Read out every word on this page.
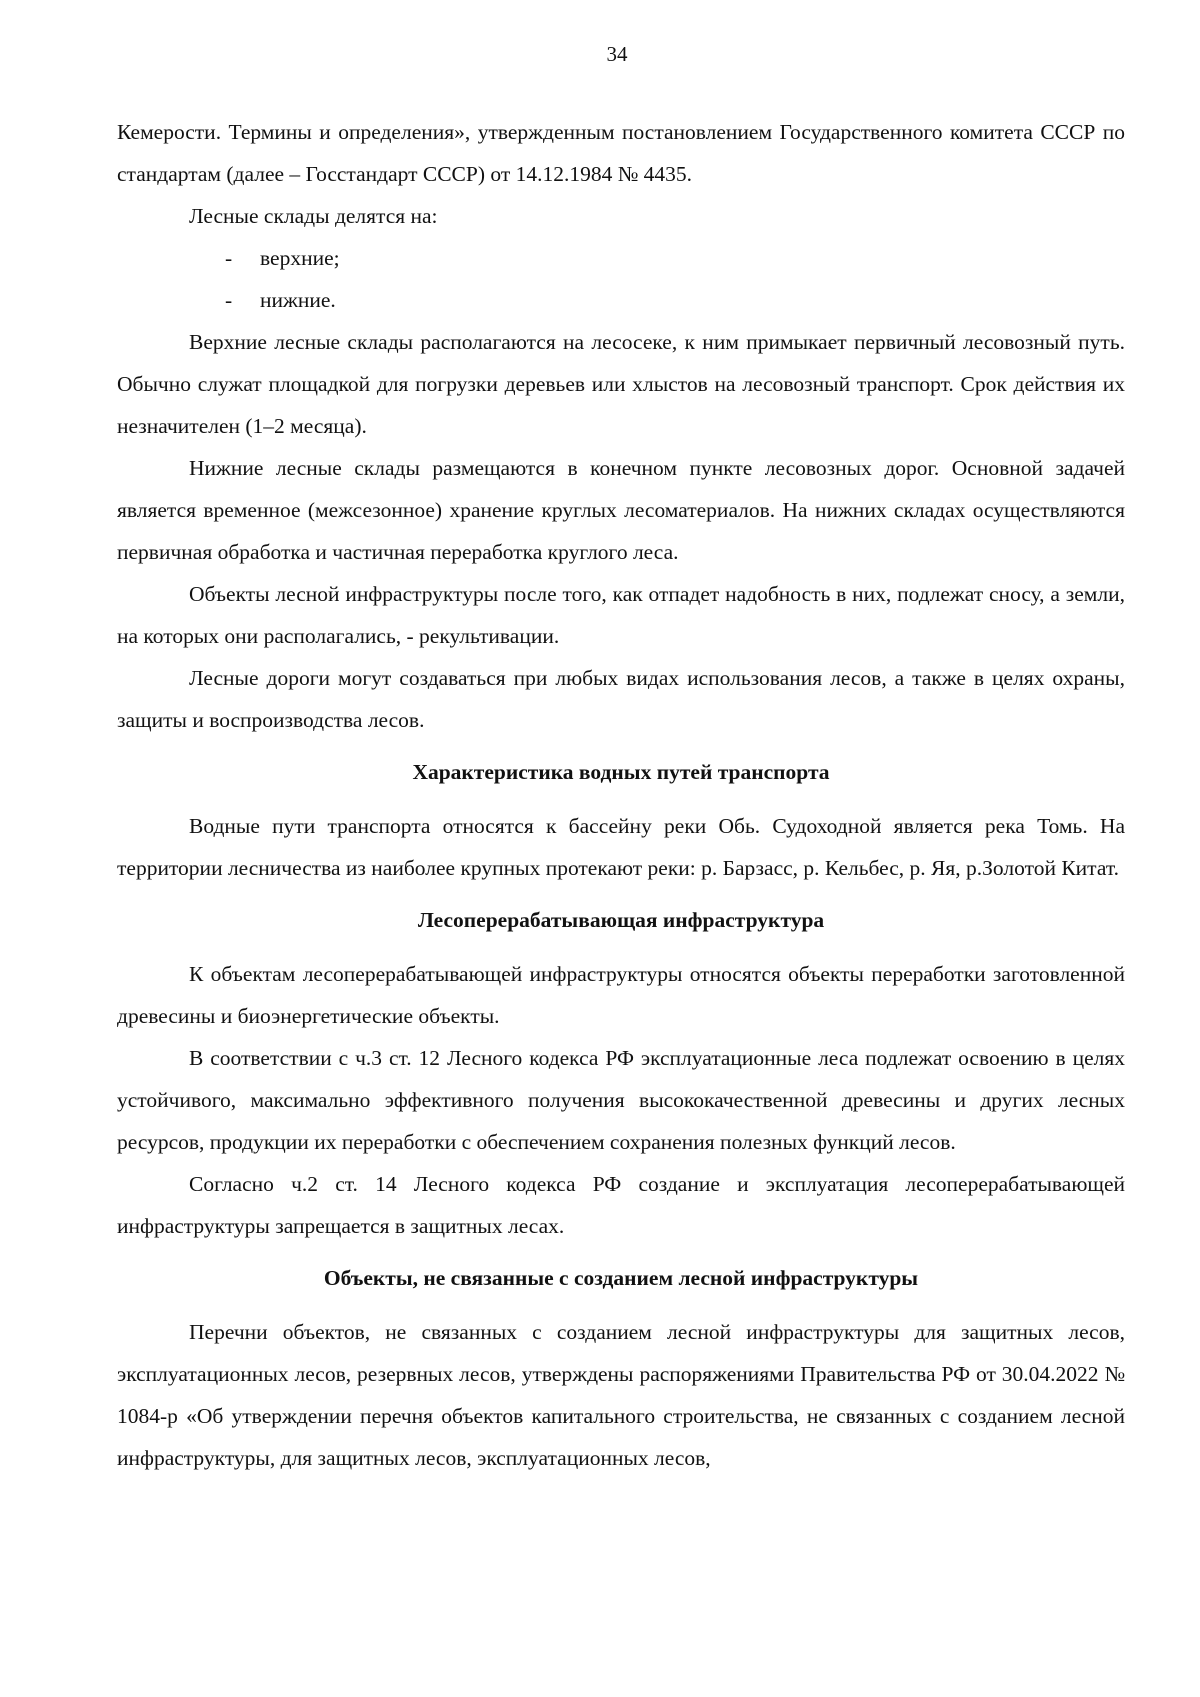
34

Кемерости. Термины и определения», утвержденным постановлением Государственного комитета СССР по стандартам (далее – Госстандарт СССР) от 14.12.1984 № 4435.

Лесные склады делятся на:

- верхние;
- нижние.

Верхние лесные склады располагаются на лесосеке, к ним примыкает первичный лесовозный путь. Обычно служат площадкой для погрузки деревьев или хлыстов на лесовозный транспорт. Срок действия их незначителен (1–2 месяца).

Нижние лесные склады размещаются в конечном пункте лесовозных дорог. Основной задачей является временное (межсезонное) хранение круглых лесоматериалов. На нижних складах осуществляются первичная обработка и частичная переработка круглого леса.

Объекты лесной инфраструктуры после того, как отпадет надобность в них, подлежат сносу, а земли, на которых они располагались, - рекультивации.

Лесные дороги могут создаваться при любых видах использования лесов, а также в целях охраны, защиты и воспроизводства лесов.

Характеристика водных путей транспорта

Водные пути транспорта относятся к бассейну реки Обь. Судоходной является река Томь. На территории лесничества из наиболее крупных протекают реки: р. Барзасс, р. Кельбес, р. Яя, р.Золотой Китат.

Лесоперерабатывающая инфраструктура

К объектам лесоперерабатывающей инфраструктуры относятся объекты переработки заготовленной древесины и биоэнергетические объекты.

В соответствии с ч.3 ст. 12 Лесного кодекса РФ эксплуатационные леса подлежат освоению в целях устойчивого, максимально эффективного получения высококачественной древесины и других лесных ресурсов, продукции их переработки с обеспечением сохранения полезных функций лесов.

Согласно ч.2 ст. 14 Лесного кодекса РФ создание и эксплуатация лесоперерабатывающей инфраструктуры запрещается в защитных лесах.

Объекты, не связанные с созданием лесной инфраструктуры

Перечни объектов, не связанных с созданием лесной инфраструктуры для защитных лесов, эксплуатационных лесов, резервных лесов, утверждены распоряжениями Правительства РФ от 30.04.2022 № 1084-р «Об утверждении перечня объектов капитального строительства, не связанных с созданием лесной инфраструктуры, для защитных лесов, эксплуатационных лесов,
